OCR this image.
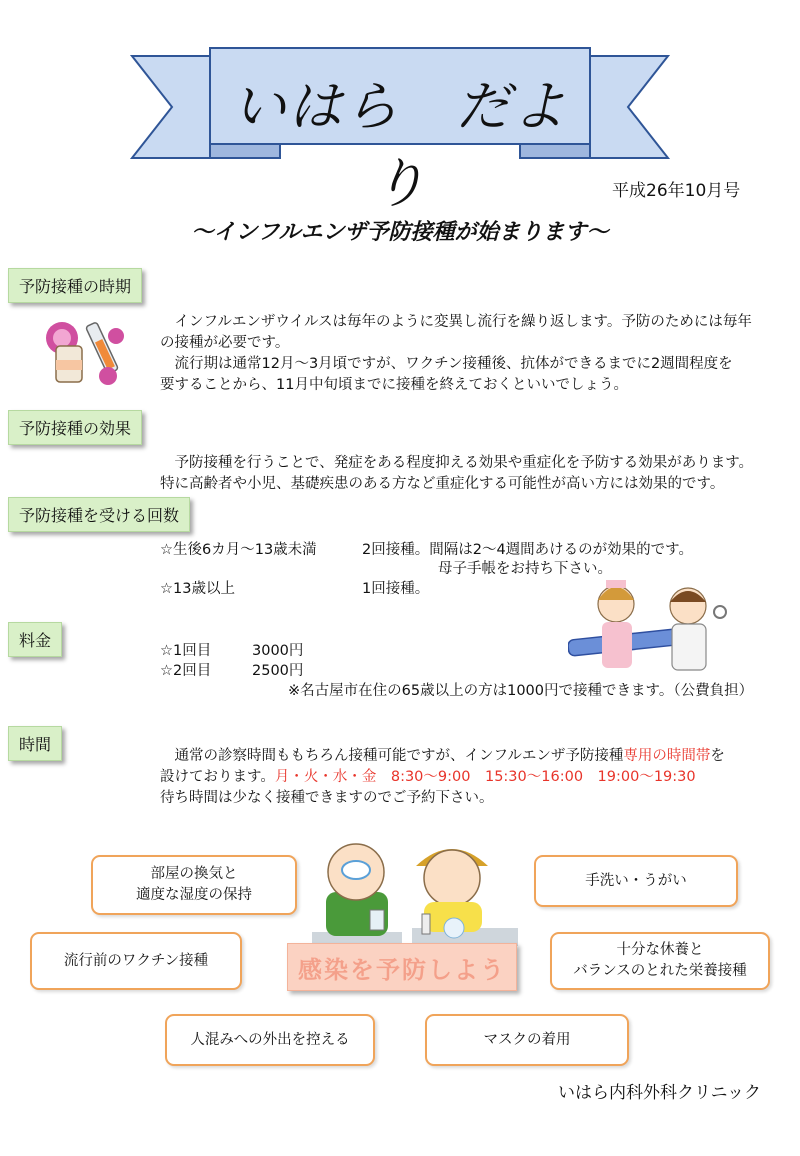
いはら　だより	平成26年10月号
～インフルエンザ予防接種が始まります～
予防接種の時期

　インフルエンザウイルスは毎年のように変異し流行を繰り返します。予防のためには毎年
の接種が必要です。
　流行期は通常12月～3月頃ですが、ワクチン接種後、抗体ができるまでに2週間程度を
要することから、11月中旬頃までに接種を終えておくといいでしょう。
予防接種の効果

　予防接種を行うことで、発症をある程度抑える効果や重症化を予防する効果があります。
特に高齢者や小児、基礎疾患のある方など重症化する可能性が高い方には効果的です。
予防接種を受ける回数
☆生後6カ月～13歳未満	2回接種。間隔は2～4週間あけるのが効果的です。
母子手帳をお持ち下さい。
☆13歳以上	1回接種。
料金
☆1回目	3000円
☆2回目	2500円
※名古屋市在住の65歳以上の方は1000円で接種できます。（公費負担）
時間
　通常の診察時間ももちろん接種可能ですが、インフルエンザ予防接種専用の時間帯を
設けております。月・火・水・金　8:30～9:00　15:30～16:00　19:00～19:30
待ち時間は少なく接種できますのでご予約下さい。
部屋の換気と
適度な湿度の保持
手洗い・うがい
流行前のワクチン接種
十分な休養と
バランスのとれた栄養接種
人混みへの外出を控える	マスクの着用
感染を予防しよう
いはら内科外科クリニック
